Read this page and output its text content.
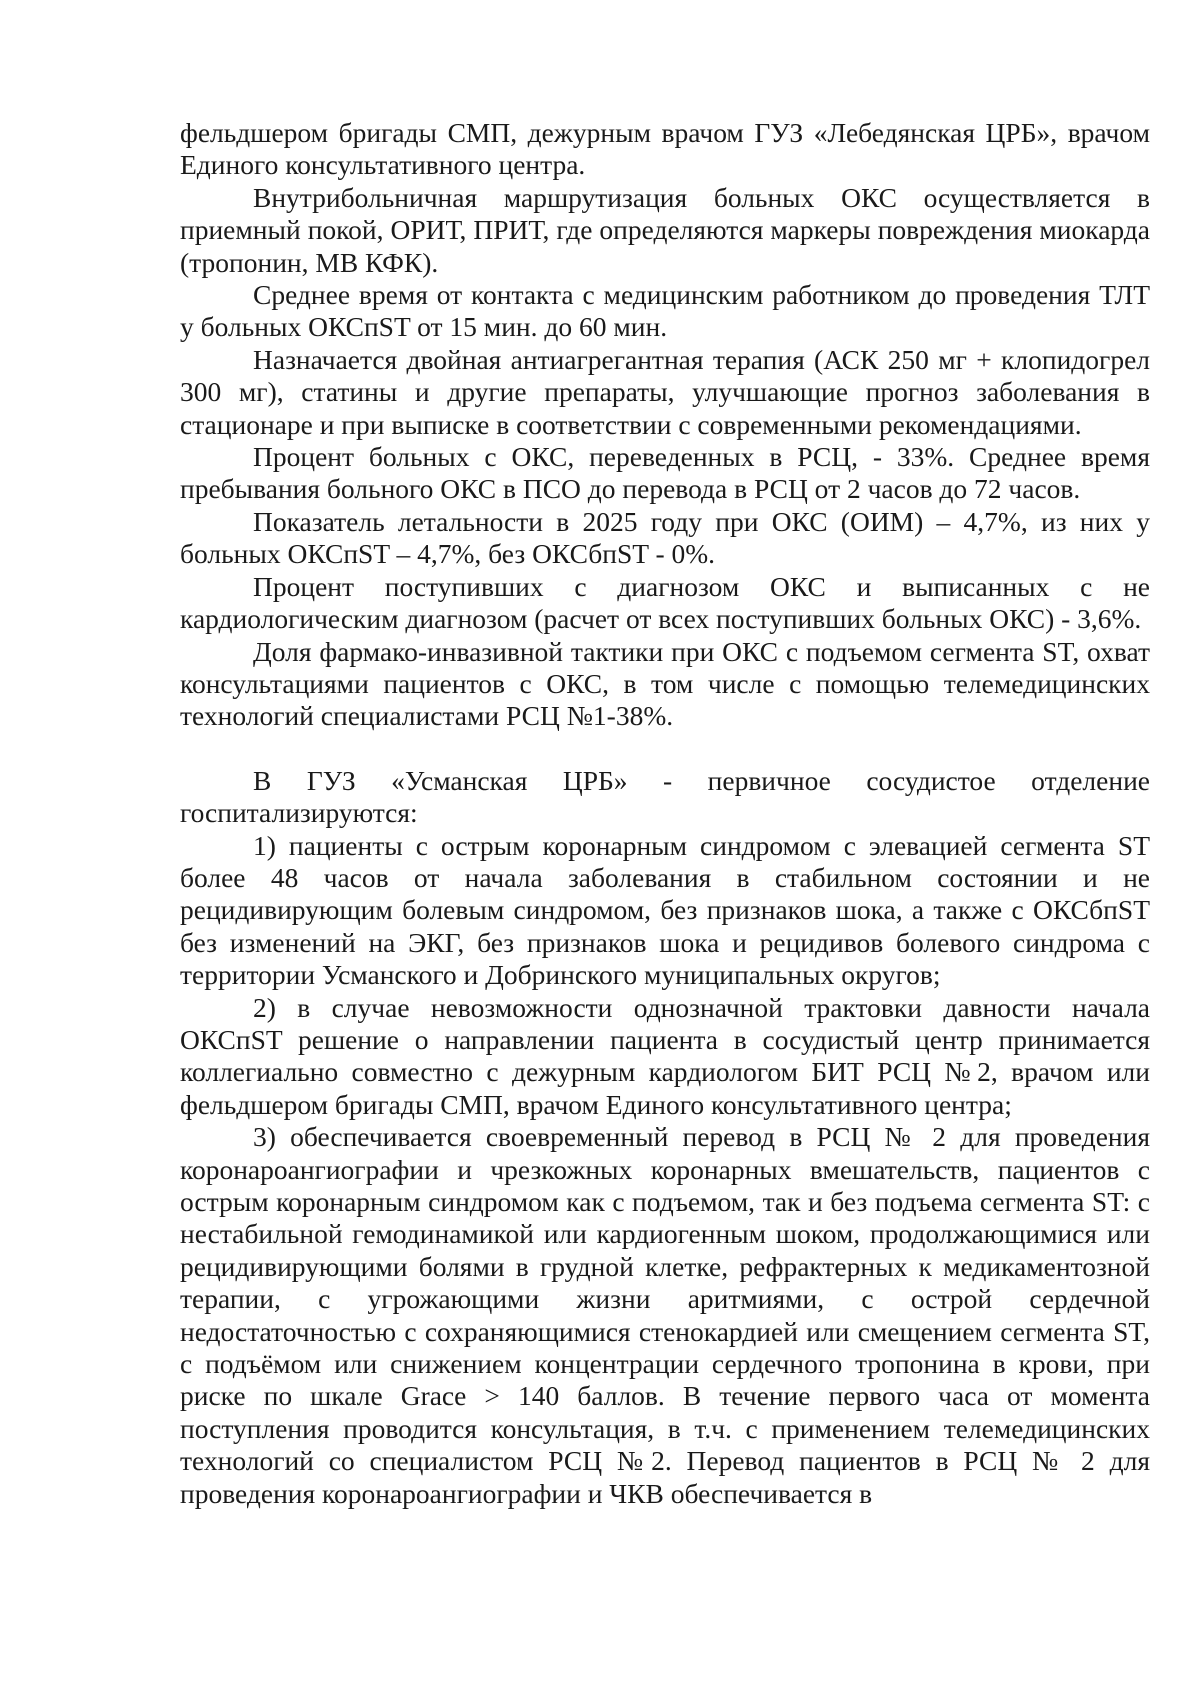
фельдшером бригады СМП, дежурным врачом ГУЗ «Лебедянская ЦРБ», врачом Единого консультативного центра.

Внутрибольничная маршрутизация больных ОКС осуществляется в приемный покой, ОРИТ, ПРИТ, где определяются маркеры повреждения миокарда (тропонин, МВ КФК).

Среднее время от контакта с медицинским работником до проведения ТЛТ у больных ОКСпST от 15 мин. до 60 мин.

Назначается двойная антиагрегантная терапия (АСК 250 мг + клопидогрел 300 мг), статины и другие препараты, улучшающие прогноз заболевания в стационаре и при выписке в соответствии с современными рекомендациями.

Процент больных с ОКС, переведенных в РСЦ, - 33%. Среднее время пребывания больного ОКС в ПСО до перевода в РСЦ от 2 часов до 72 часов.

Показатель летальности в 2025 году при ОКС (ОИМ) – 4,7%, из них у больных ОКСпST – 4,7%, без ОКСбпST - 0%.

Процент поступивших с диагнозом ОКС и выписанных с не кардиологическим диагнозом (расчет от всех поступивших больных ОКС) - 3,6%.

Доля фармако-инвазивной тактики при ОКС с подъемом сегмента ST, охват консультациями пациентов с ОКС, в том числе с помощью телемедицинских технологий специалистами РСЦ №1-38%.

В ГУЗ «Усманская ЦРБ» - первичное сосудистое отделение госпитализируются:

1) пациенты с острым коронарным синдромом с элевацией сегмента ST более 48 часов от начала заболевания в стабильном состоянии и не рецидивирующим болевым синдромом, без признаков шока, а также с ОКСбпST без изменений на ЭКГ, без признаков шока и рецидивов болевого синдрома с территории Усманского и Добринского муниципальных округов;

2) в случае невозможности однозначной трактовки давности начала ОКСпST решение о направлении пациента в сосудистый центр принимается коллегиально совместно с дежурным кардиологом БИТ РСЦ №2, врачом или фельдшером бригады СМП, врачом Единого консультативного центра;

3) обеспечивается своевременный перевод в РСЦ № 2 для проведения коронароангиографии и чрезкожных коронарных вмешательств, пациентов с острым коронарным синдромом как с подъемом, так и без подъема сегмента ST: с нестабильной гемодинамикой или кардиогенным шоком, продолжающимися или рецидивирующими болями в грудной клетке, рефрактерных к медикаментозной терапии, с угрожающими жизни аритмиями, с острой сердечной недостаточностью с сохраняющимися стенокардией или смещением сегмента ST, с подъёмом или снижением концентрации сердечного тропонина в крови, при риске по шкале Grace > 140 баллов. В течение первого часа от момента поступления проводится консультация, в т.ч. с применением телемедицинских технологий со специалистом РСЦ №2. Перевод пациентов в РСЦ № 2 для проведения коронароангиографии и ЧКВ обеспечивается в
